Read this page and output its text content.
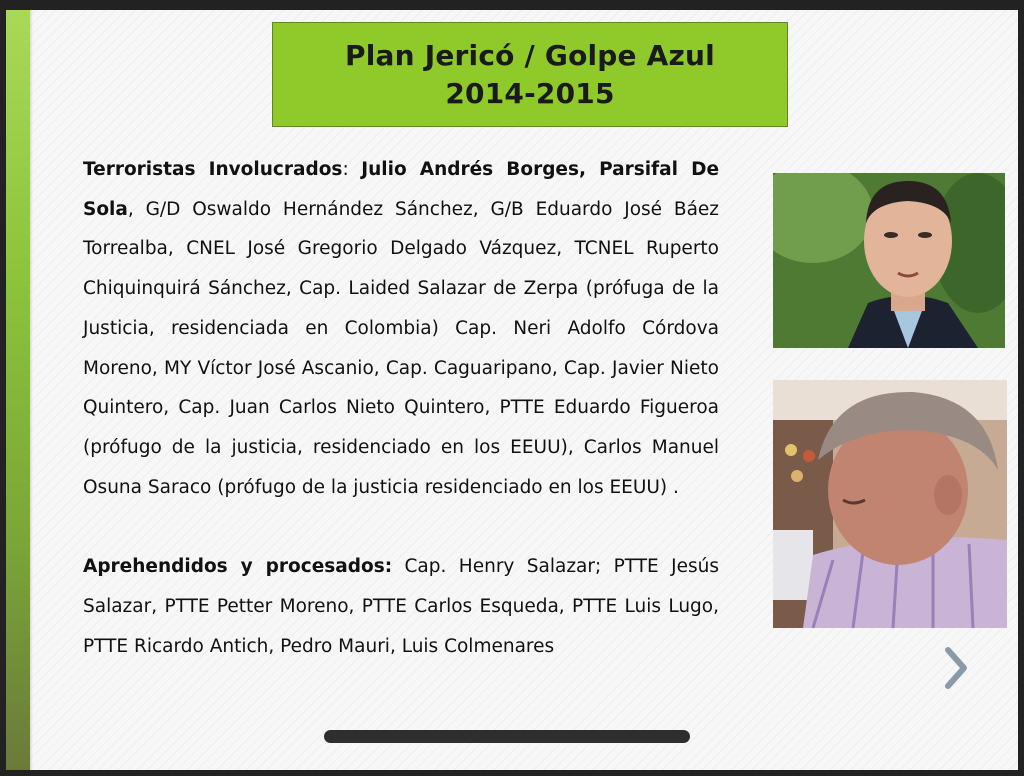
Plan Jericó / Golpe Azul
2014-2015

Terroristas Involucrados: Julio Andrés Borges, Parsifal De Sola, G/D Oswaldo Hernández Sánchez, G/B Eduardo José Báez Torrealba, CNEL José Gregorio Delgado Vázquez, TCNEL Ruperto Chiquinquirá Sánchez, Cap. Laided Salazar de Zerpa (prófuga de la Justicia, residenciada en Colombia) Cap. Neri Adolfo Córdova Moreno, MY Víctor José Ascanio, Cap. Caguaripano, Cap. Javier Nieto Quintero, Cap. Juan Carlos Nieto Quintero, PTTE Eduardo Figueroa (prófugo de la justicia, residenciado en los EEUU), Carlos Manuel Osuna Saraco (prófugo de la justicia residenciado en los EEUU) .

Aprehendidos y procesados: Cap. Henry Salazar; PTTE Jesús Salazar, PTTE Petter Moreno, PTTE Carlos Esqueda, PTTE Luis Lugo, PTTE Ricardo Antich, Pedro Mauri, Luis Colmenares
